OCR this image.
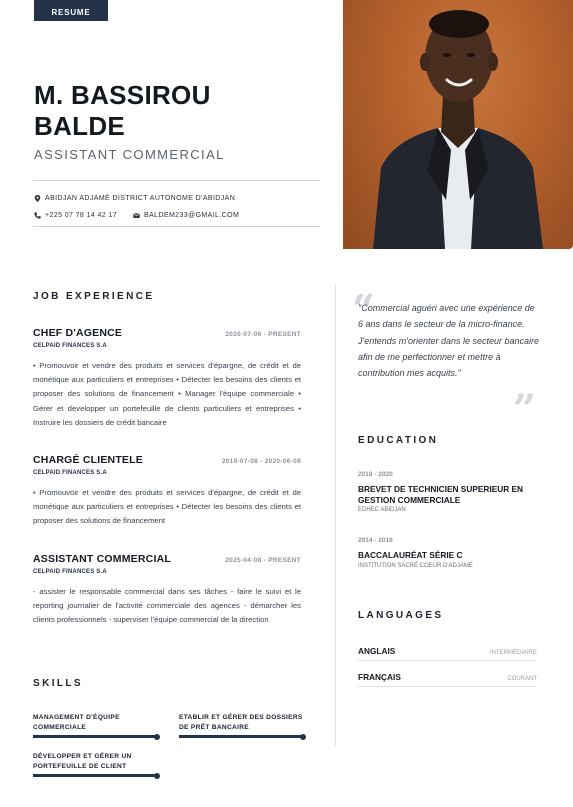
RESUME
M. BASSIROU
BALDE
ASSISTANT COMMERCIAL
ABIDJAN ADJAMÉ DISTRICT AUTONOME D'ABIDJAN
+225 07 78 14 42 17	BALDEM233@GMAIL.COM
JOB EXPERIENCE
CHEF D'AGENCE	2020-07-06 - PRESENT
CELPAID FINANCES S.A
• Promouvoir et vendre des produits et services d'épargne, de crédit et de monétique aux particuliers et entreprises • Détecter les besoins des clients et proposer des solutions de financement • Manager l'équipe commerciale • Gérer et developper un portefeuille de clients particuliers et entreprises • Instruire les dossiers de crédit bancaire
CHARGÉ CLIENTELE	2019-07-08 - 2020-06-08
CELPAID FINANCES S.A
• Promouvoir et vendre des produits et services d'épargne, de crédit et de monétique aux particuliers et entreprises • Détecter les besoins des clients et proposer des solutions de financement
ASSISTANT COMMERCIAL	2025-04-08 - PRESENT
CELPAID FINANCES S.A
- assister le responsable commercial dans ses tâches - faire le suivi et le reporting journalier de l'activité commerciale des agences - démarcher les clients professionnels - superviser l'équipe commercial de la direction
SKILLS
MANAGEMENT D'ÉQUIPE COMMERCIALE
ETABLIR ET GÉRER DES DOSSIERS DE PRÊT BANCAIRE
DÉVELOPPER ET GÉRER UN PORTEFEUILLE DE CLIENT
“
"Commercial aguéri avec une expérience de 6 ans dans le secteur de la micro-finance. J'entends m'orienter dans le secteur bancaire afin de me perfectionner et mettre à contribution mes acquits."
”
EDUCATION
2018 - 2020
BREVET DE TECHNICIEN SUPERIEUR EN GESTION COMMERCIALE
EDHEC ABIDJAN
2014 - 2016
BACCALAURÉAT SÉRIE C
INSTITUTION SACRÉ COEUR D'ADJAMÉ
LANGUAGES
ANGLAIS	INTERMÉDIAIRE
FRANÇAIS	COURANT
